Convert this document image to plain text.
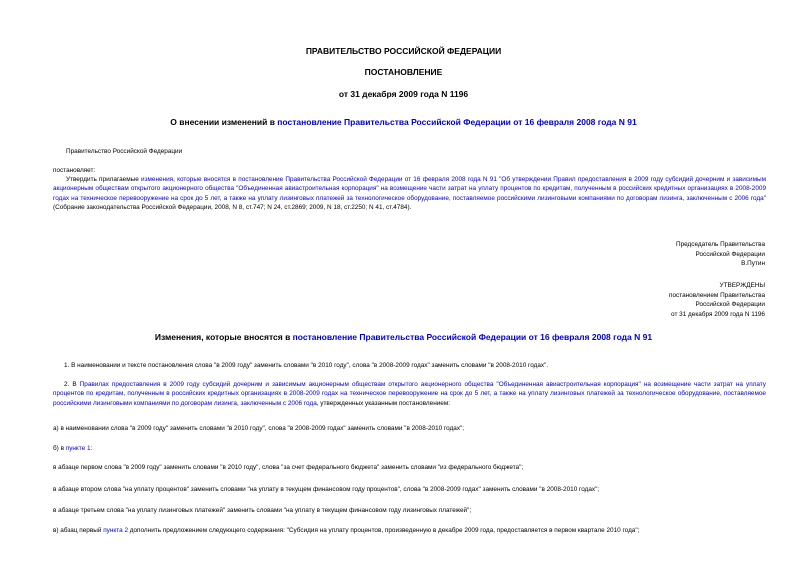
ПРАВИТЕЛЬСТВО РОССИЙСКОЙ ФЕДЕРАЦИИ
ПОСТАНОВЛЕНИЕ
от 31 декабря 2009 года N 1196
О внесении изменений в постановление Правительства Российской Федерации от 16 февраля 2008 года N 91
Правительство Российской Федерации
постановляет:
Утвердить прилагаемые изменения, которые вносятся в постановление Правительства Российской Федерации от 16 февраля 2008 года N 91 "Об утверждении Правил предоставления в 2009 году субсидий дочерним и зависимым акционерным обществам открытого акционерного общества "Объединенная авиастроительная корпорация" на возмещение части затрат на уплату процентов по кредитам, полученным в российских кредитных организациях в 2008-2009 годах на техническое перевооружение на срок до 5 лет, а также на уплату лизинговых платежей за технологическое оборудование, поставляемое российскими лизинговыми компаниями по договорам лизинга, заключенным с 2006 года" (Собрание законодательства Российской Федерации, 2008, N 8, ст.747; N 24, ст.2869; 2009, N 18, ст.2250; N 41, ст.4784).
Председатель Правительства
Российской Федерации
В.Путин
УТВЕРЖДЕНЫ
постановлением Правительства
Российской Федерации
от 31 декабря 2009 года N 1196
Изменения, которые вносятся в постановление Правительства Российской Федерации от 16 февраля 2008 года N 91
1. В наименовании и тексте постановления слова "в 2009 году" заменить словами "в 2010 году", слова "в 2008-2009 годах" заменить словами "в 2008-2010 годах".
2. В Правилах предоставления в 2009 году субсидий дочерним и зависимым акционерным обществам открытого акционерного общества "Объединенная авиастроительная корпорация" на возмещение части затрат на уплату процентов по кредитам, полученным в российских кредитных организациях в 2008-2009 годах на техническое перевооружение на срок до 5 лет, а также на уплату лизинговых платежей за технологическое оборудование, поставляемое российскими лизинговыми компаниями по договорам лизинга, заключенным с 2006 года, утвержденных указанным постановлением:
а) в наименовании слова "в 2009 году" заменить словами "в 2010 году", слова "в 2008-2009 годах" заменить словами "в 2008-2010 годах";
б) в пункте 1:
в абзаце первом слова "в 2009 году" заменить словами "в 2010 году", слова "за счет федерального бюджета" заменить словами "из федерального бюджета";
в абзаце втором слова "на уплату процентов" заменить словами "на уплату в текущем финансовом году процентов", слова "в 2008-2009 годах" заменить словами "в 2008-2010 годах";
в абзаце третьем слова "на уплату лизинговых платежей" заменить словами "на уплату в текущем финансовом году лизинговых платежей";
в) абзац первый пункта 2 дополнить предложением следующего содержания: "Субсидия на уплату процентов, произведенную в декабре 2009 года, предоставляется в первом квартале 2010 года";
